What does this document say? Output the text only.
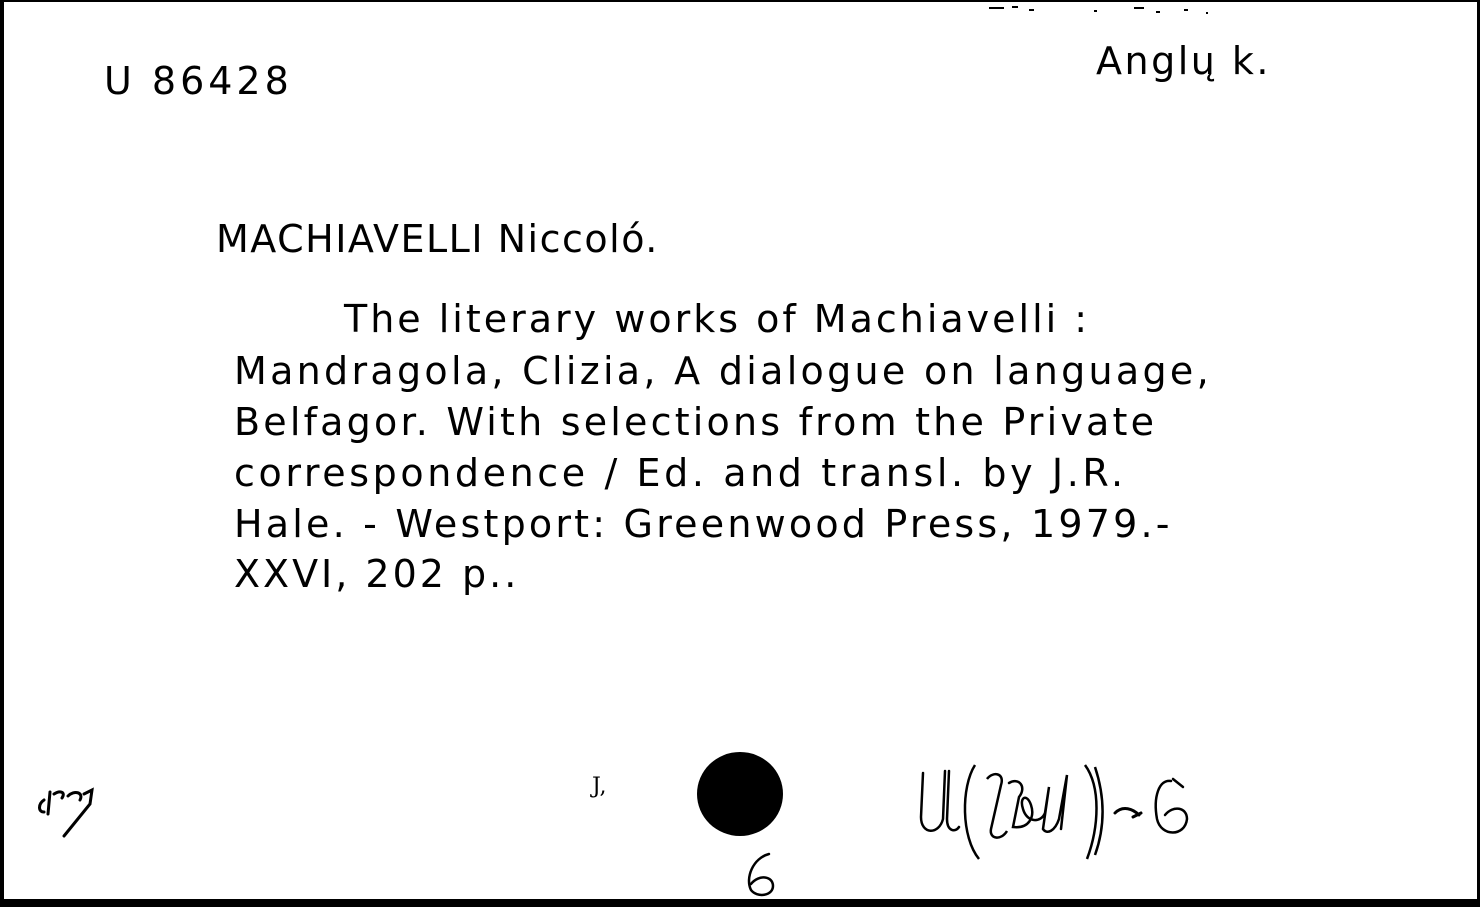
U 86428	Anglų k.
MACHIAVELLI Niccoló.
The literary works of Machiavelli :
Mandragola, Clizia, A dialogue on language,
Belfagor. With selections from the Private
correspondence / Ed. and transl. by J.R.
Hale. - Westport: Greenwood Press, 1979.-
XXVI, 202 p..
J,
